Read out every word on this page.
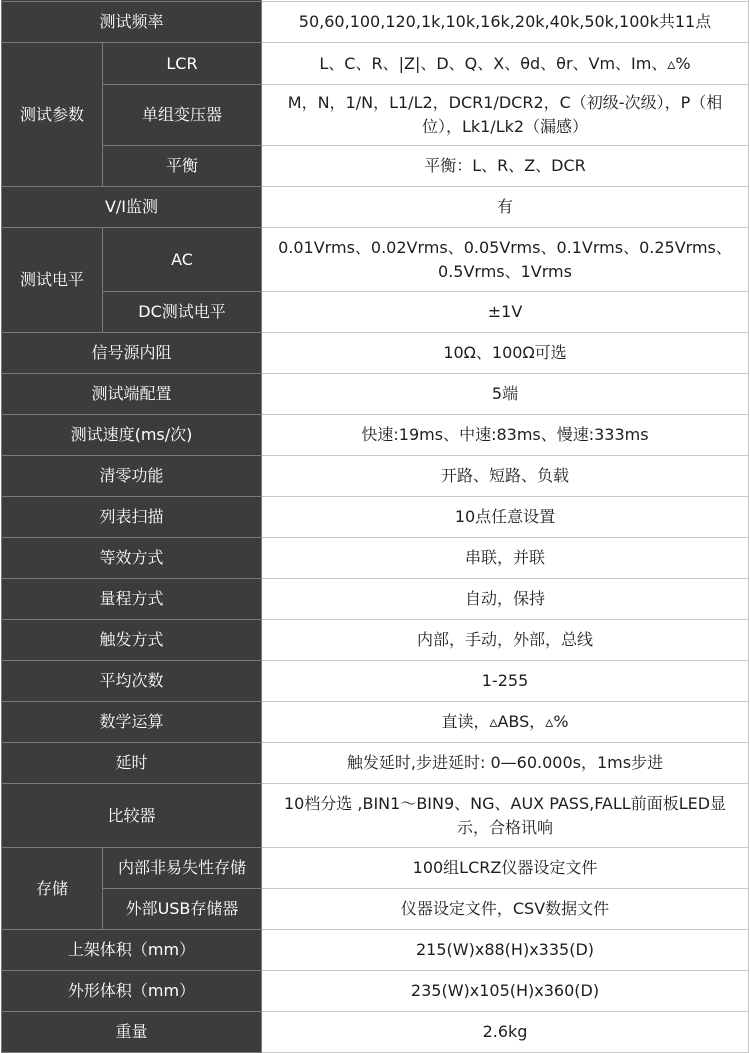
测试频率		50,60,100,120,1k,10k,16k,20k,40k,50k,100k共11点
测试参数	LCR	L、C、R、|Z|、D、Q、X、θd、θr、Vm、Im、▵%
	单组变压器	M，N，1/N，L1/L2，DCR1/DCR2，C（初级-次级），P（相位），Lk1/Lk2（漏感）
	平衡	平衡：L、R、Z、DCR
V/I监测		有
测试电平	AC	0.01Vrms、0.02Vrms、0.05Vrms、0.1Vrms、0.25Vrms、0.5Vrms、1Vrms
	DC测试电平	±1V
信号源内阻		10Ω、100Ω可选
测试端配置		5端
测试速度(ms/次)		快速:19ms、中速:83ms、慢速:333ms
清零功能		开路、短路、负载
列表扫描		10点任意设置
等效方式		串联，并联
量程方式		自动，保持
触发方式		内部，手动，外部，总线
平均次数		1-255
数学运算		直读，▵ABS，▵%
延时		触发延时,步进延时: 0—60.000s，1ms步进
比较器		10档分选 ,BIN1～BIN9、NG、AUX PASS,FALL前面板LED显示，合格讯响
存储	内部非易失性存储	100组LCRZ仪器设定文件
	外部USB存储器	仪器设定文件，CSV数据文件
上架体积（mm）		215(W)x88(H)x335(D)
外形体积（mm）		235(W)x105(H)x360(D)
重量		2.6kg
